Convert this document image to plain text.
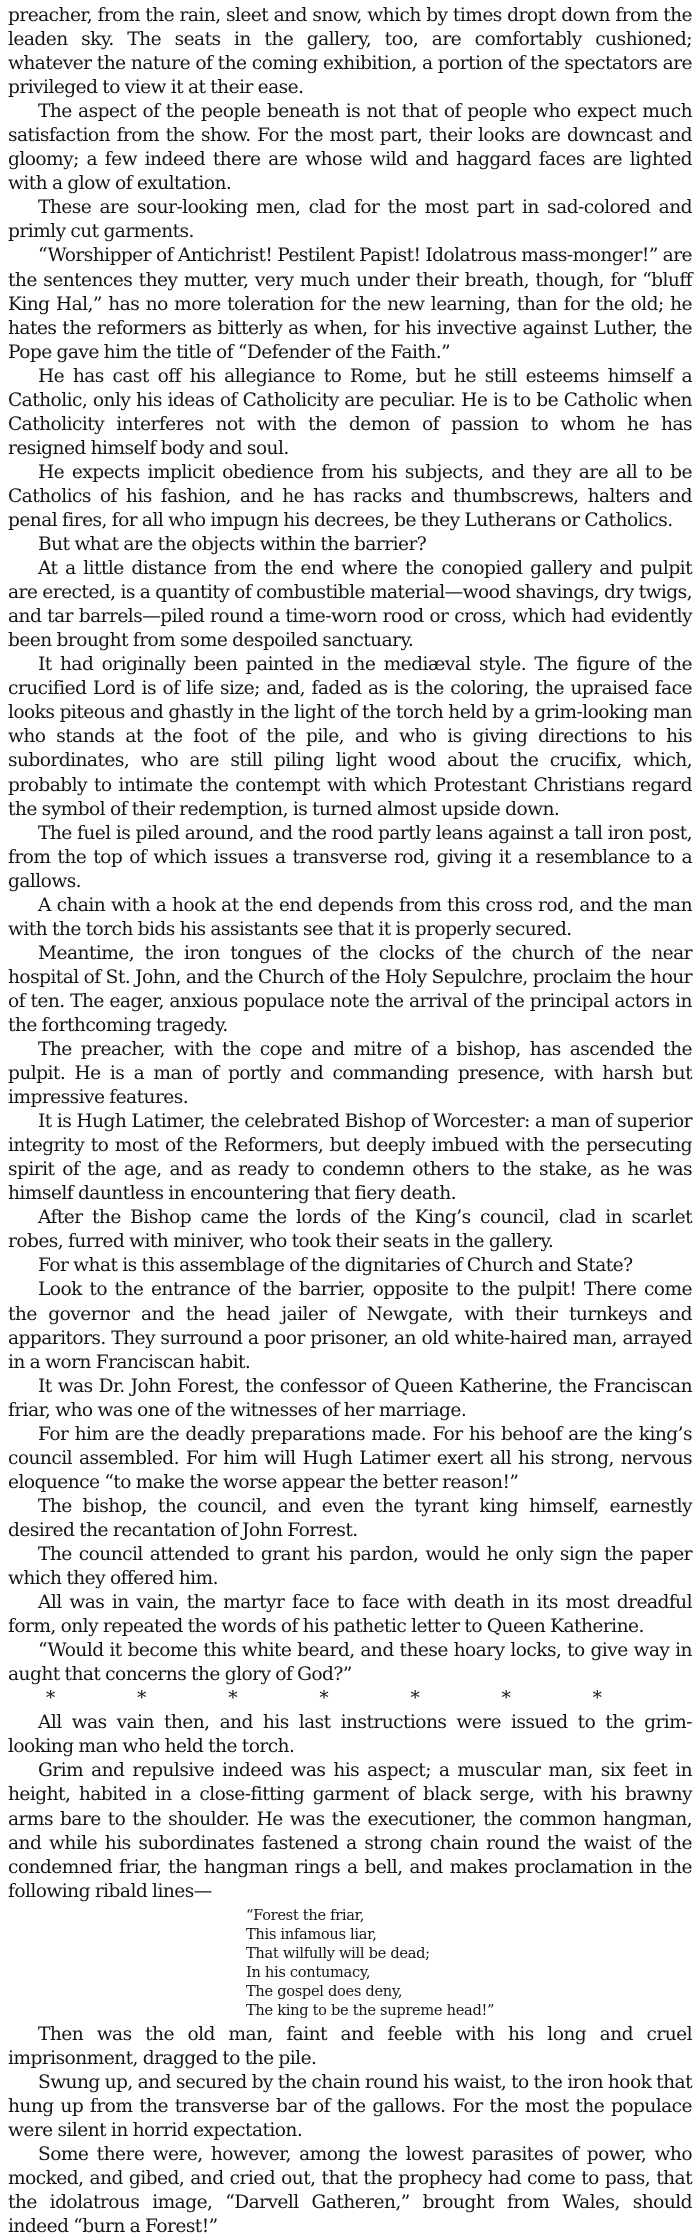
preacher, from the rain, sleet and snow, which by times dropt down from the leaden sky. The seats in the gallery, too, are comfortably cushioned; whatever the nature of the coming exhibition, a portion of the spectators are privileged to view it at their ease.

The aspect of the people beneath is not that of people who expect much satisfaction from the show. For the most part, their looks are downcast and gloomy; a few indeed there are whose wild and haggard faces are lighted with a glow of exultation.

These are sour-looking men, clad for the most part in sad-colored and primly cut garments.

“Worshipper of Antichrist! Pestilent Papist! Idolatrous mass-monger!” are the sentences they mutter, very much under their breath, though, for “bluff King Hal,” has no more toleration for the new learning, than for the old; he hates the reformers as bitterly as when, for his invective against Luther, the Pope gave him the title of “Defender of the Faith.”

He has cast off his allegiance to Rome, but he still esteems himself a Catholic, only his ideas of Catholicity are peculiar. He is to be Catholic when Catholicity interferes not with the demon of passion to whom he has resigned himself body and soul.

He expects implicit obedience from his subjects, and they are all to be Catholics of his fashion, and he has racks and thumbscrews, halters and penal fires, for all who impugn his decrees, be they Lutherans or Catholics.

But what are the objects within the barrier?

At a little distance from the end where the conopied gallery and pulpit are erected, is a quantity of combustible material—wood shavings, dry twigs, and tar barrels—piled round a time-worn rood or cross, which had evidently been brought from some despoiled sanctuary.

It had originally been painted in the mediæval style. The figure of the crucified Lord is of life size; and, faded as is the coloring, the upraised face looks piteous and ghastly in the light of the torch held by a grim-looking man who stands at the foot of the pile, and who is giving directions to his subordinates, who are still piling light wood about the crucifix, which, probably to intimate the contempt with which Protestant Christians regard the symbol of their redemption, is turned almost upside down.

The fuel is piled around, and the rood partly leans against a tall iron post, from the top of which issues a transverse rod, giving it a resemblance to a gallows.

A chain with a hook at the end depends from this cross rod, and the man with the torch bids his assistants see that it is properly secured.

Meantime, the iron tongues of the clocks of the church of the near hospital of St. John, and the Church of the Holy Sepulchre, proclaim the hour of ten. The eager, anxious populace note the arrival of the principal actors in the forthcoming tragedy.

The preacher, with the cope and mitre of a bishop, has ascended the pulpit. He is a man of portly and commanding presence, with harsh but impressive features.

It is Hugh Latimer, the celebrated Bishop of Worcester: a man of superior integrity to most of the Reformers, but deeply imbued with the persecuting spirit of the age, and as ready to condemn others to the stake, as he was himself dauntless in encountering that fiery death.

After the Bishop came the lords of the King’s council, clad in scarlet robes, furred with miniver, who took their seats in the gallery.

For what is this assemblage of the dignitaries of Church and State?

Look to the entrance of the barrier, opposite to the pulpit! There come the governor and the head jailer of Newgate, with their turnkeys and apparitors. They surround a poor prisoner, an old white-haired man, arrayed in a worn Franciscan habit.

It was Dr. John Forest, the confessor of Queen Katherine, the Franciscan friar, who was one of the witnesses of her marriage.

For him are the deadly preparations made. For his behoof are the king’s council assembled. For him will Hugh Latimer exert all his strong, nervous eloquence “to make the worse appear the better reason!”

The bishop, the council, and even the tyrant king himself, earnestly desired the recantation of John Forrest.

The council attended to grant his pardon, would he only sign the paper which they offered him.

All was in vain, the martyr face to face with death in its most dreadful form, only repeated the words of his pathetic letter to Queen Katherine.

“Would it become this white beard, and these hoary locks, to give way in aught that concerns the glory of God?”

*	*	*	*	*	*	*

All was vain then, and his last instructions were issued to the grim-looking man who held the torch.

Grim and repulsive indeed was his aspect; a muscular man, six feet in height, habited in a close-fitting garment of black serge, with his brawny arms bare to the shoulder. He was the executioner, the common hangman, and while his subordinates fastened a strong chain round the waist of the condemned friar, the hangman rings a bell, and makes proclamation in the following ribald lines—

“Forest the friar,
This infamous liar,
That wilfully will be dead;
In his contumacy,
The gospel does deny,
The king to be the supreme head!”

Then was the old man, faint and feeble with his long and cruel imprisonment, dragged to the pile.

Swung up, and secured by the chain round his waist, to the iron hook that hung up from the transverse bar of the gallows. For the most the populace were silent in horrid expectation.

Some there were, however, among the lowest parasites of power, who mocked, and gibed, and cried out, that the prophecy had come to pass, that the idolatrous image, “Darvell Gatheren,” brought from Wales, should indeed “burn a Forest!”
